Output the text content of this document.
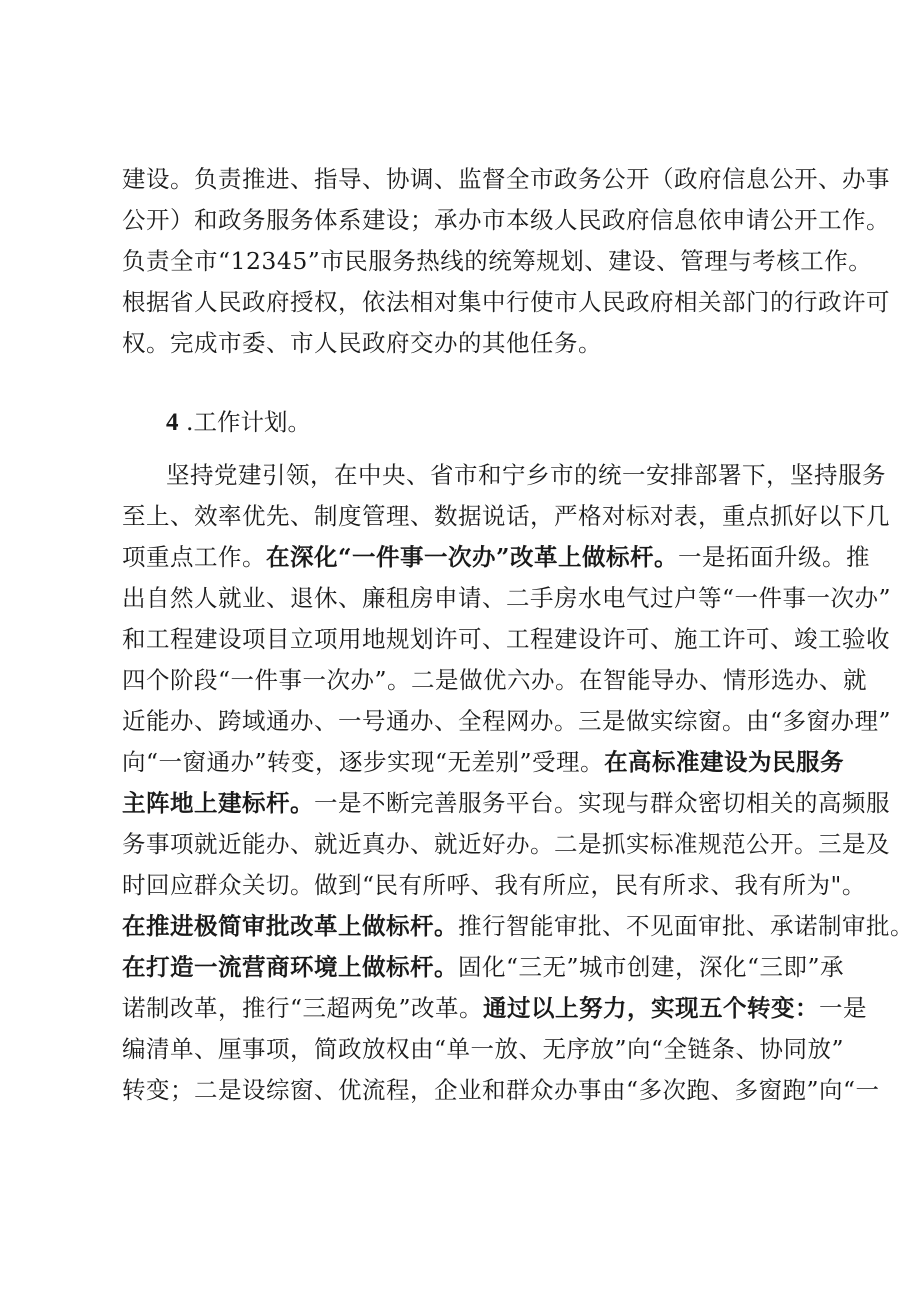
建设。负责推进、指导、协调、监督全市政务公开（政府信息公开、办事
公开）和政务服务体系建设；承办市本级人民政府信息依申请公开工作。
负责全市“12345”市民服务热线的统筹规划、建设、管理与考核工作。
根据省人民政府授权，依法相对集中行使市人民政府相关部门的行政许可
权。完成市委、市人民政府交办的其他任务。
4 .工作计划。
坚持党建引领，在中央、省市和宁乡市的统一安排部署下，坚持服务
至上、效率优先、制度管理、数据说话，严格对标对表，重点抓好以下几
项重点工作。在深化“一件事一次办”改革上做标杆。一是拓面升级。推
出自然人就业、退休、廉租房申请、二手房水电气过户等“一件事一次办”
和工程建设项目立项用地规划许可、工程建设许可、施工许可、竣工验收
四个阶段“一件事一次办”。二是做优六办。在智能导办、情形选办、就
近能办、跨域通办、一号通办、全程网办。三是做实综窗。由“多窗办理”
向“一窗通办”转变，逐步实现“无差别”受理。在高标准建设为民服务
主阵地上建标杆。一是不断完善服务平台。实现与群众密切相关的高频服
务事项就近能办、就近真办、就近好办。二是抓实标准规范公开。三是及
时回应群众关切。做到“民有所呼、我有所应，民有所求、我有所为"。
在推进极简审批改革上做标杆。推行智能审批、不见面审批、承诺制审批。
在打造一流营商环境上做标杆。固化“三无”城市创建，深化“三即”承
诺制改革，推行“三超两免”改革。通过以上努力，实现五个转变：一是
编清单、厘事项，简政放权由“单一放、无序放”向“全链条、协同放”
转变；二是设综窗、优流程，企业和群众办事由“多次跑、多窗跑”向“一
